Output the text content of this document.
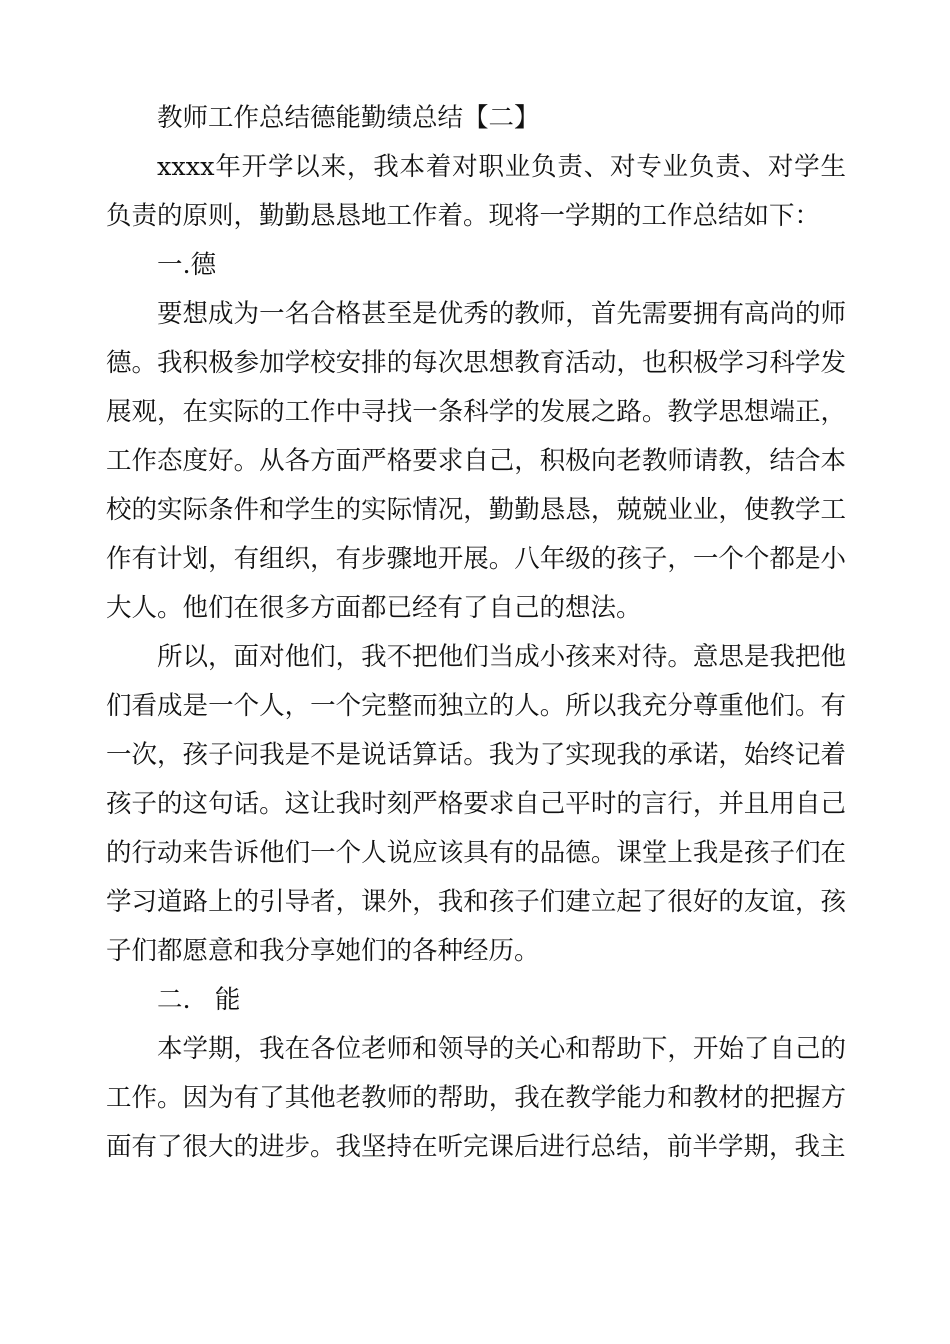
教师工作总结德能勤绩总结【二】

xxxx年开学以来，我本着对职业负责、对专业负责、对学生负责的原则，勤勤恳恳地工作着。现将一学期的工作总结如下：

一.德

要想成为一名合格甚至是优秀的教师，首先需要拥有高尚的师德。我积极参加学校安排的每次思想教育活动，也积极学习科学发展观，在实际的工作中寻找一条科学的发展之路。教学思想端正，工作态度好。从各方面严格要求自己，积极向老教师请教，结合本校的实际条件和学生的实际情况，勤勤恳恳，兢兢业业，使教学工作有计划，有组织，有步骤地开展。八年级的孩子，一个个都是小大人。他们在很多方面都已经有了自己的想法。

所以，面对他们，我不把他们当成小孩来对待。意思是我把他们看成是一个人，一个完整而独立的人。所以我充分尊重他们。有一次，孩子问我是不是说话算话。我为了实现我的承诺，始终记着孩子的这句话。这让我时刻严格要求自己平时的言行，并且用自己的行动来告诉他们一个人说应该具有的品德。课堂上我是孩子们在学习道路上的引导者，课外，我和孩子们建立起了很好的友谊，孩子们都愿意和我分享她们的各种经历。

二.   能

本学期，我在各位老师和领导的关心和帮助下，开始了自己的工作。因为有了其他老教师的帮助，我在教学能力和教材的把握方面有了很大的进步。我坚持在听完课后进行总结，前半学期，我主
